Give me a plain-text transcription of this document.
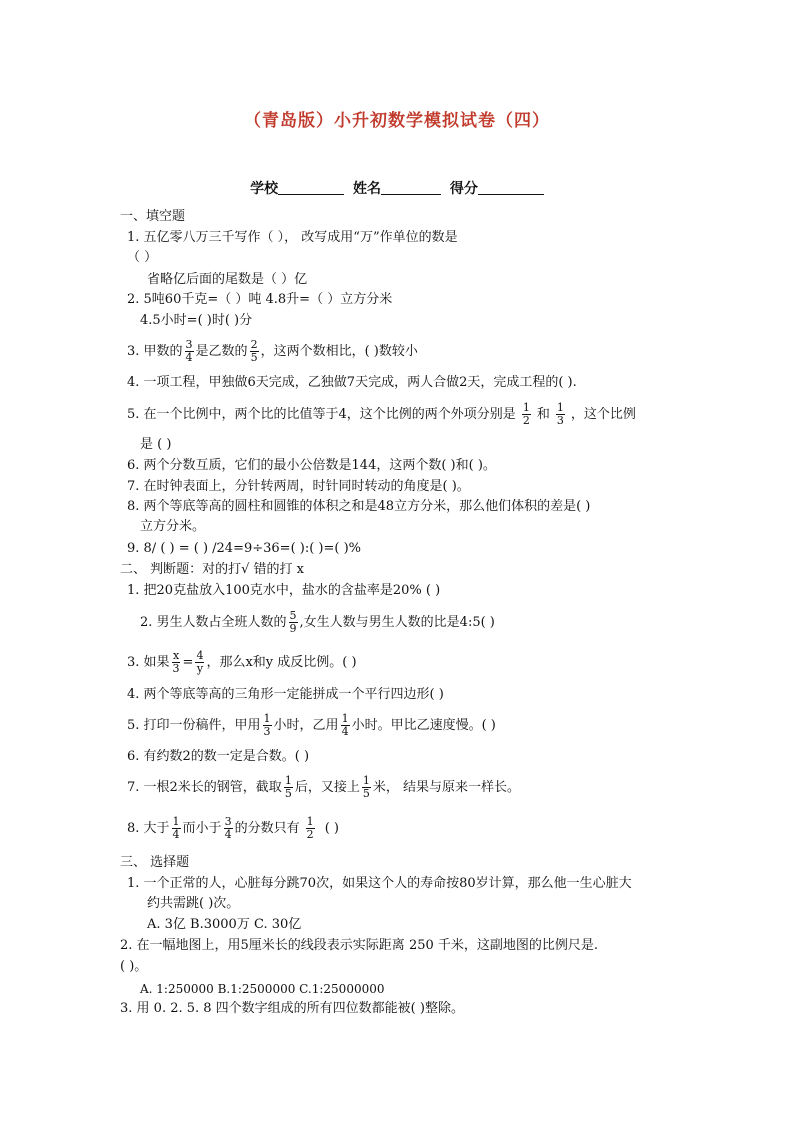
（青岛版）小升初数学模拟试卷（四）
学校	姓名	得分
一、填空题
1. 五亿零八万三千写作（ ）， 改写成用“万”作单位的数是
（ ）
省略亿后面的尾数是（ ）亿
2. 5吨60千克=（ ）吨 4.8升=（ ）立方分米
4.5小时=( )时( )分
3. 甲数的 $\frac{3}{4}$ 是乙数的 $\frac{2}{5}$ ，这两个数相比，( )数较小
4. 一项工程，甲独做6天完成，乙独做7天完成，两人合做2天，完成工程的( ).
5. 在一个比例中，两个比的比值等于4，这个比例的两个外项分别是 $\frac{1}{2}$ 和 $\frac{1}{3}$ ，这个比例
是 ( )
6. 两个分数互质，它们的最小公倍数是144，这两个数( )和( )。
7. 在时钟表面上，分针转两周，时针同时转动的角度是( )。
8. 两个等底等高的圆柱和圆锥的体积之和是48立方分米，那么他们体积的差是( )
立方分米。
9. 8/ ( ) = ( ) /24=9÷36=( ):( )=( )%
二、 判断题：对的打√ 错的打 x
1. 把20克盐放入100克水中，盐水的含盐率是20% ( )
2. 男生人数占全班人数的 $\frac{5}{9}$ ,女生人数与男生人数的比是4:5( )
3. 如果 $\frac{x}{3} = \frac{4}{y}$ ，那么x和y 成反比例。( )
4. 两个等底等高的三角形一定能拼成一个平行四边形( )
5. 打印一份稿件，甲用 $\frac{1}{3}$ 小时，乙用 $\frac{1}{4}$ 小时。甲比乙速度慢。( )
6. 有约数2的数一定是合数。( )
7. 一根2米长的钢管，截取 $\frac{1}{5}$ 后，又接上 $\frac{1}{5}$ 米， 结果与原来一样长。
8. 大于 $\frac{1}{4}$ 而小于 $\frac{3}{4}$ 的分数只有 $\frac{1}{2}$ ( )
三、 选择题
1. 一个正常的人，心脏每分跳70次，如果这个人的寿命按80岁计算，那么他一生心脏大
约共需跳( )次。
A. 3亿 B.3000万 C. 30亿
2. 在一幅地图上，用5厘米长的线段表示实际距离 250 千米，这副地图的比例尺是.
( )。
A. 1:250000 B.1:2500000 C.1:25000000
3. 用 0. 2. 5. 8 四个数字组成的所有四位数都能被( )整除。
